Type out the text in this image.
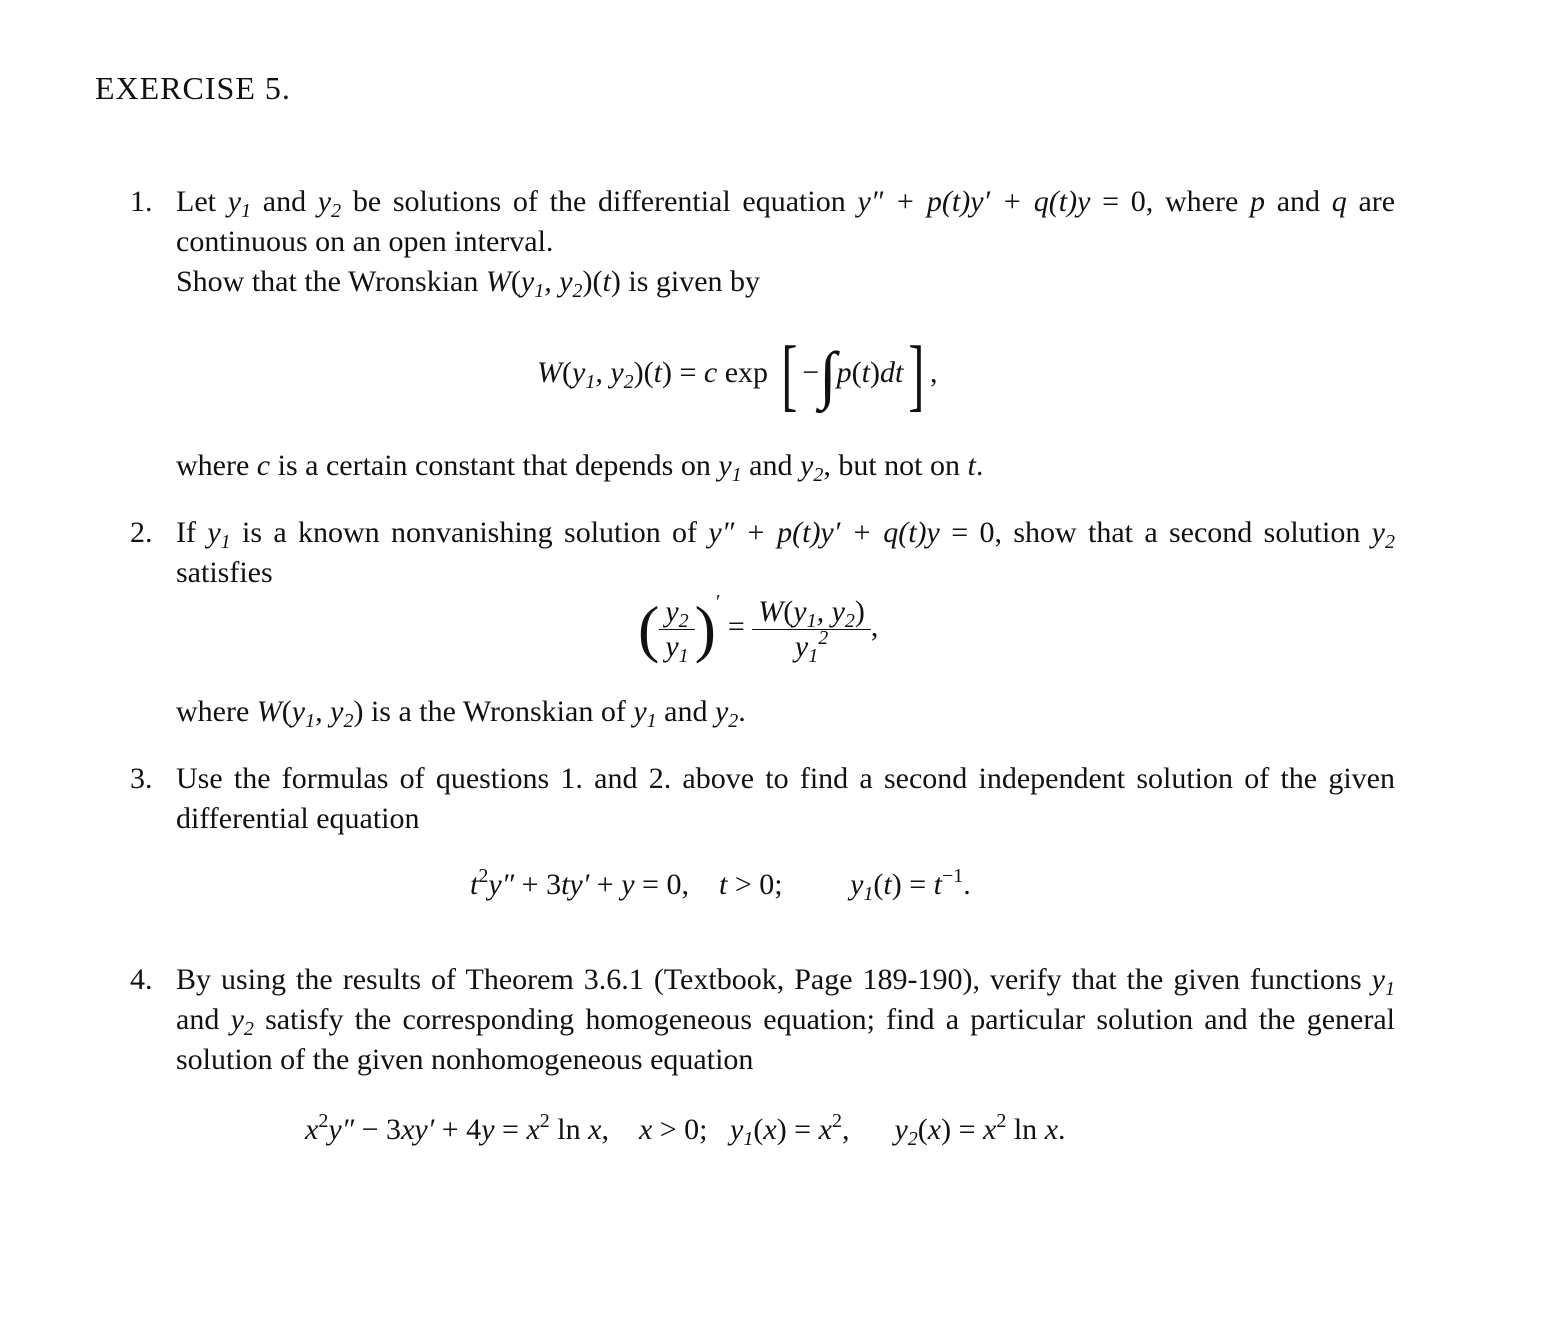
EXERCISE 5.
1. Let $y_1$ and $y_2$ be solutions of the differential equation y″ + p(t)y′ + q(t)y = 0, where p and q are continuous on an open interval.
Show that the Wronskian $W(y_1$, $y_2)(t)$ is given by
$W(y_1$, $y_2)(t) = c$ exp [ −∫p(t)dt] ,
where c is a certain constant that depends on $y_1$ and $y_2$, but not on t.
2. If $y_1$ is a known nonvanishing solution of y″ + p(t)y′ + q(t)y = 0, show that a second solution $y_2$ satisfies
( $\frac{y_2}{y_1} )' = \frac{W(y_1, y_2)}{y_1^2}$ ,
where $W(y_1$, $y_2$) is a the Wronskian of $y_1$ and $y_2$.
3. Use the formulas of questions 1. and 2. above to find a second independent solution of the given differential equation
$t^2y'' + 3ty' + y = 0$,    t > 0;         $y_1(t) = t^{-1}$.
4. By using the results of Theorem 3.6.1 (Textbook, Page 189-190), verify that the given functions $y_1$ and $y_2$ satisfy the corresponding homogeneous equation; find a particular solution and the general solution of the given nonhomogeneous equation
$x^2y'' - 3xy' + 4y = x^2$ ln x,    x > 0;   $y_1(x) = x^2$,      $y_2(x) = x^2$ ln x.
